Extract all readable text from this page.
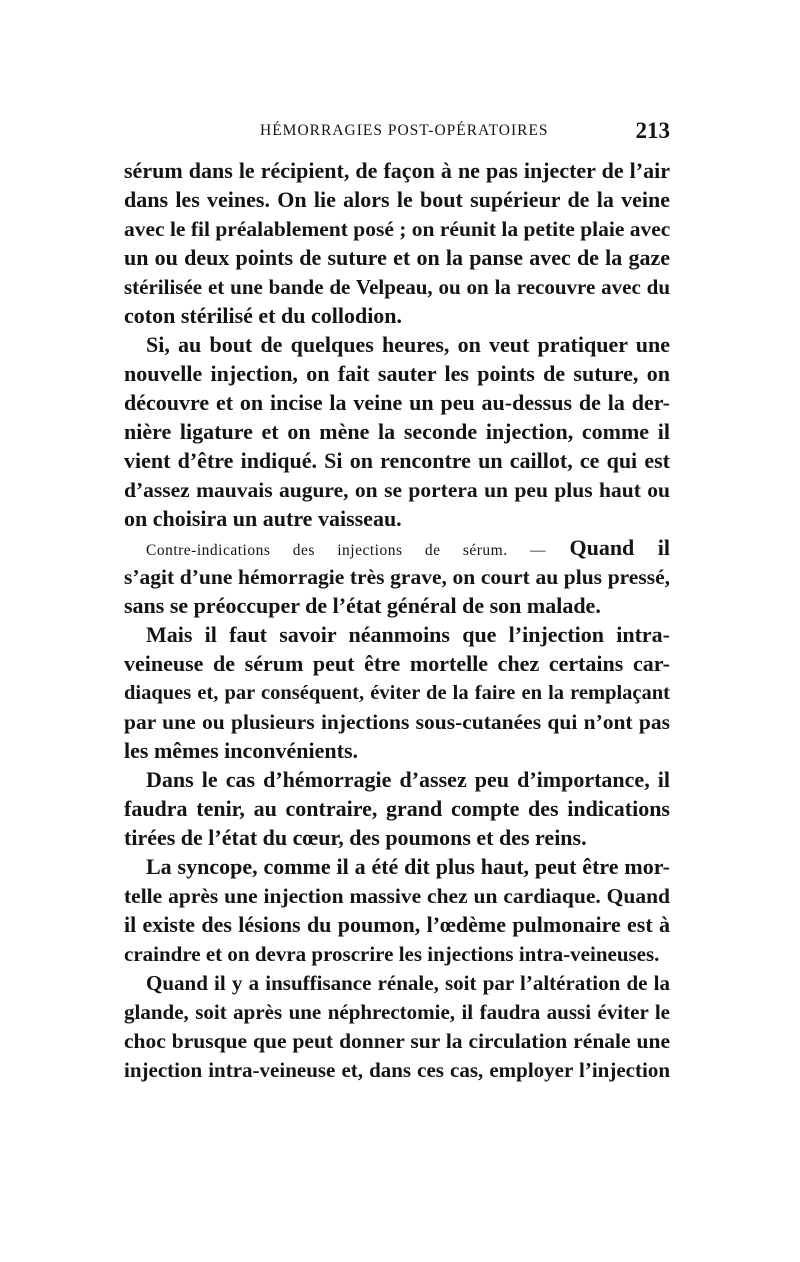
HÉMORRAGIES POST-OPÉRATOIRES	213
sérum dans le récipient, de façon à ne pas injecter de l’air
dans les veines. On lie alors le bout supérieur de la veine
avec le fil préalablement posé ; on réunit la petite plaie avec
un ou deux points de suture et on la panse avec de la gaze
stérilisée et une bande de Velpeau, ou on la recouvre avec du
coton stérilisé et du collodion.
Si, au bout de quelques heures, on veut pratiquer une
nouvelle injection, on fait sauter les points de suture, on
découvre et on incise la veine un peu au-dessus de la der-
nière ligature et on mène la seconde injection, comme il
vient d’être indiqué. Si on rencontre un caillot, ce qui est
d’assez mauvais augure, on se portera un peu plus haut ou
on choisira un autre vaisseau.
Contre-indications des injections de sérum. — Quand il
s’agit d’une hémorragie très grave, on court au plus pressé,
sans se préoccuper de l’état général de son malade.
Mais il faut savoir néanmoins que l’injection intra-
veineuse de sérum peut être mortelle chez certains car-
diaques et, par conséquent, éviter de la faire en la remplaçant
par une ou plusieurs injections sous-cutanées qui n’ont pas
les mêmes inconvénients.
Dans le cas d’hémorragie d’assez peu d’importance, il
faudra tenir, au contraire, grand compte des indications
tirées de l’état du cœur, des poumons et des reins.
La syncope, comme il a été dit plus haut, peut être mor-
telle après une injection massive chez un cardiaque. Quand
il existe des lésions du poumon, l’œdème pulmonaire est à
craindre et on devra proscrire les injections intra-veineuses.
Quand il y a insuffisance rénale, soit par l’altération de la
glande, soit après une néphrectomie, il faudra aussi éviter le
choc brusque que peut donner sur la circulation rénale une
injection intra-veineuse et, dans ces cas, employer l’injection
